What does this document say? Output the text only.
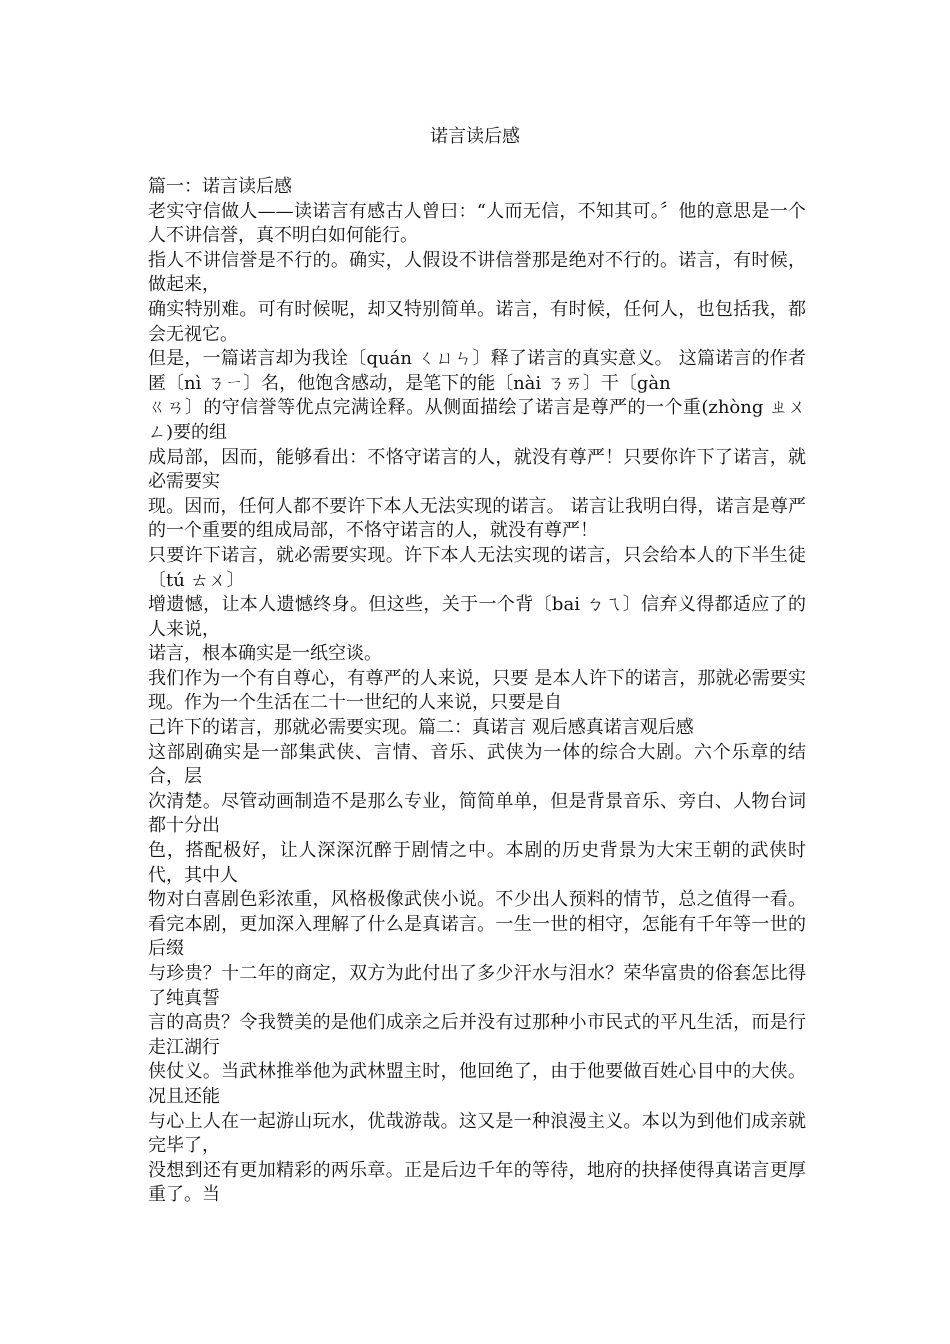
诺言读后感

篇一：诺言读后感

老实守信做人——读诺言有感古人曾曰：“人而无信，不知其可。〞他的意思是一个人不讲信誉，真不明白如何能行。

指人不讲信誉是不行的。确实，人假设不讲信誉那是绝对不行的。诺言，有时候，做起来，

确实特别难。可有时候呢，却又特别简单。诺言，有时候，任何人，也包括我，都会无视它。

但是，一篇诺言却为我诠〔quán ㄑㄩㄣ〕释了诺言的真实意义。 这篇诺言的作者匿〔nì ㄋㄧ〕名，他饱含感动，是笔下的能〔nài ㄋㄞ〕干〔gàn

ㄍㄢ〕的守信誉等优点完满诠释。从侧面描绘了诺言是尊严的一个重(zhòng ㄓㄨㄥ)要的组

成局部，因而，能够看出：不恪守诺言的人，就没有尊严！只要你许下了诺言，就必需要实

现。因而，任何人都不要许下本人无法实现的诺言。 诺言让我明白得，诺言是尊严的一个重要的组成局部，不恪守诺言的人，就没有尊严！

只要许下诺言，就必需要实现。许下本人无法实现的诺言，只会给本人的下半生徒〔tú ㄊㄨ〕

增遗憾，让本人遗憾终身。但这些，关于一个背〔bai ㄅㄟ〕信弃义得都适应了的人来说，

诺言，根本确实是一纸空谈。

我们作为一个有自尊心，有尊严的人来说，只要 是本人许下的诺言，那就必需要实现。作为一个生活在二十一世纪的人来说，只要是自

己许下的诺言，那就必需要实现。篇二：真诺言 观后感真诺言观后感

这部剧确实是一部集武侠、言情、音乐、武侠为一体的综合大剧。六个乐章的结合，层

次清楚。尽管动画制造不是那么专业，简简单单，但是背景音乐、旁白、人物台词都十分出

色，搭配极好，让人深深沉醉于剧情之中。本剧的历史背景为大宋王朝的武侠时代，其中人

物对白喜剧色彩浓重，风格极像武侠小说。不少出人预料的情节，总之值得一看。 看完本剧，更加深入理解了什么是真诺言。一生一世的相守，怎能有千年等一世的后缀

与珍贵？十二年的商定，双方为此付出了多少汗水与泪水？荣华富贵的俗套怎比得了纯真誓

言的高贵？令我赞美的是他们成亲之后并没有过那种小市民式的平凡生活，而是行走江湖行

侠仗义。当武林推举他为武林盟主时，他回绝了，由于他要做百姓心目中的大侠。况且还能

与心上人在一起游山玩水，优哉游哉。这又是一种浪漫主义。本以为到他们成亲就完毕了，

没想到还有更加精彩的两乐章。正是后边千年的等待，地府的抉择使得真诺言更厚重了。当
